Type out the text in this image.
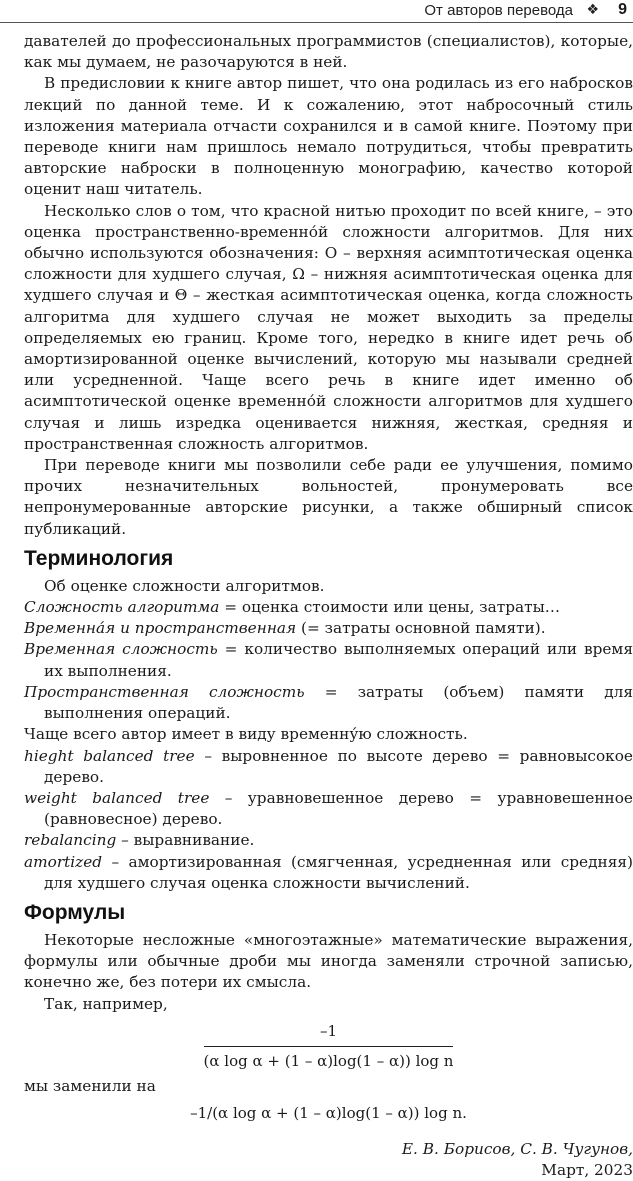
От авторов перевода ❖ 9

давателей до профессиональных программистов (специалистов), которые, как мы думаем, не разочаруются в ней.

В предисловии к книге автор пишет, что она родилась из его набросков лекций по данной теме. И к сожалению, этот набросочный стиль изложения материала отчасти сохранился и в самой книге. Поэтому при переводе книги нам пришлось немало потрудиться, чтобы превратить авторские наброски в полноценную монографию, качество которой оценит наш читатель.

Несколько слов о том, что красной нитью проходит по всей книге, – это оценка пространственно-временно́й сложности алгоритмов. Для них обычно используются обозначения: O – верхняя асимптотическая оценка сложности для худшего случая, Ω – нижняя асимптотическая оценка для худшего случая и Θ – жесткая асимптотическая оценка, когда сложность алгоритма для худшего случая не может выходить за пределы определяемых ею границ. Кроме того, нередко в книге идет речь об амортизированной оценке вычислений, которую мы называли средней или усредненной. Чаще всего речь в книге идет именно об асимптотической оценке временно́й сложности алгоритмов для худшего случая и лишь изредка оценивается нижняя, жесткая, средняя и пространственная сложность алгоритмов.

При переводе книги мы позволили себе ради ее улучшения, помимо прочих незначительных вольностей, пронумеровать все непронумерованные авторские рисунки, а также обширный список публикаций.

Терминология

Об оценке сложности алгоритмов.

Сложность алгоритма = оценка стоимости или цены, затраты…

Временна́я и пространственная (= затраты основной памяти).

Временная сложность = количество выполняемых операций или время их выполнения.

Пространственная сложность = затраты (объем) памяти для выполнения операций.

Чаще всего автор имеет в виду временну́ю сложность.

hieght balanced tree – выровненное по высоте дерево = равновысокое дерево.

weight balanced tree – уравновешенное дерево = уравновешенное (равновесное) дерево.

rebalancing – выравнивание.

amortized – амортизированная (смягченная, усредненная или средняя) для худшего случая оценка сложности вычислений.

Формулы

Некоторые несложные «многоэтажные» математические выражения, формулы или обычные дроби мы иногда заменяли строчной записью, конечно же, без потери их смысла.

Так, например,

$\frac{-1}{\text{(α log α + (1 – α)log(1 – α)) log n}}$

мы заменили на

–1/(α log α + (1 – α)log(1 – α)) log n.

Е. В. Борисов, С. В. Чугунов,

Март, 2023
